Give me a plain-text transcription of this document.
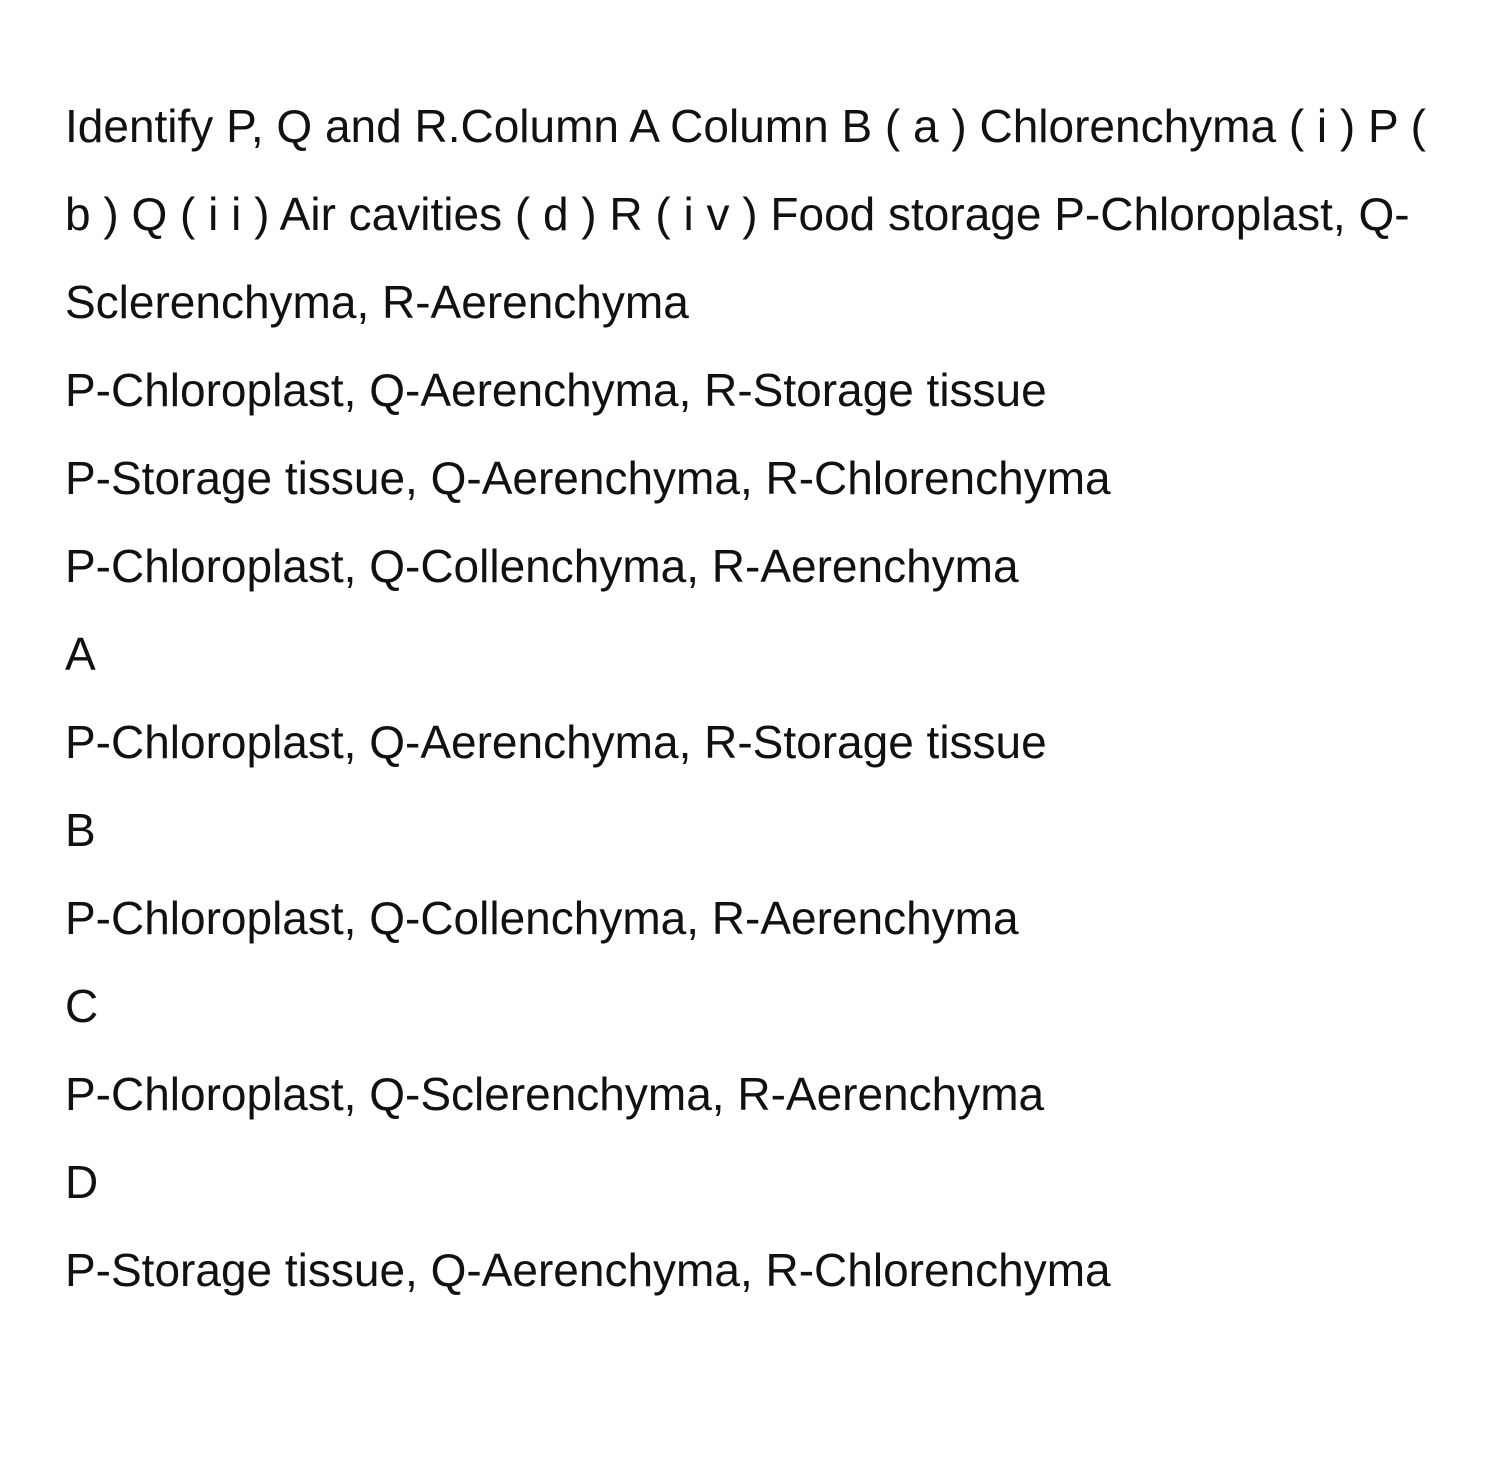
Identify P, Q and R.Column A Column B ( a ) Chlorenchyma ( i ) P ( b ) Q ( i i ) Air cavities ( d ) R ( i v ) Food storage P-Chloroplast, Q-Sclerenchyma, R-Aerenchyma

P-Chloroplast, Q-Aerenchyma, R-Storage tissue

P-Storage tissue, Q-Aerenchyma, R-Chlorenchyma

P-Chloroplast, Q-Collenchyma, R-Aerenchyma

A

P-Chloroplast, Q-Aerenchyma, R-Storage tissue

B

P-Chloroplast, Q-Collenchyma, R-Aerenchyma

C

P-Chloroplast, Q-Sclerenchyma, R-Aerenchyma

D

P-Storage tissue, Q-Aerenchyma, R-Chlorenchyma
